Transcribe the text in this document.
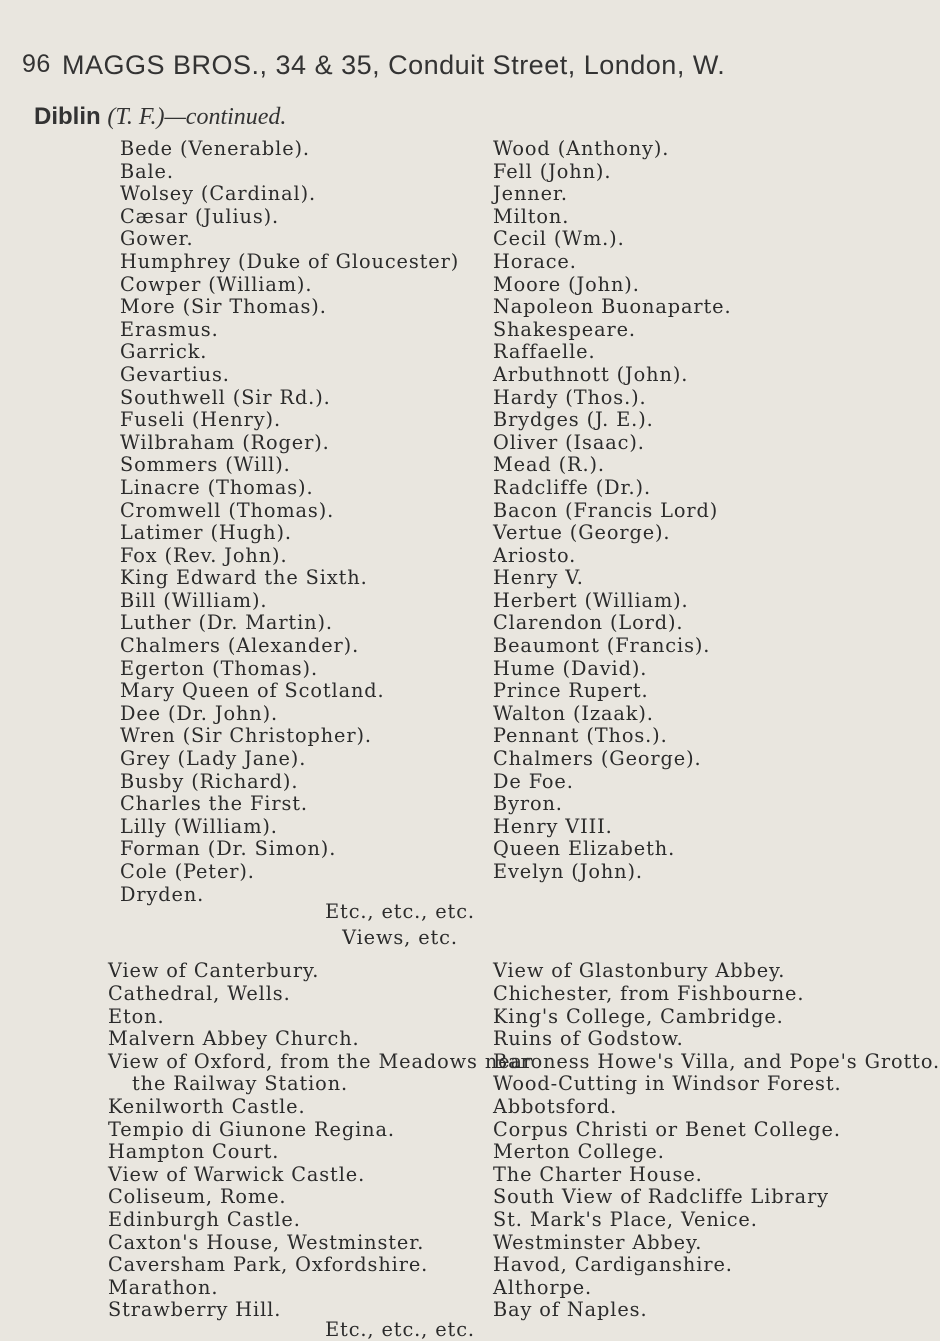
96 MAGGS BROS., 34 & 35, Conduit Street, London, W.
Diblin (T. F.)—continued.
Bede (Venerable).
Bale.
Wolsey (Cardinal).
Cæsar (Julius).
Gower.
Humphrey (Duke of Gloucester)
Cowper (William).
More (Sir Thomas).
Erasmus.
Garrick.
Gevartius.
Southwell (Sir Rd.).
Fuseli (Henry).
Wilbraham (Roger).
Sommers (Will).
Linacre (Thomas).
Cromwell (Thomas).
Latimer (Hugh).
Fox (Rev. John).
King Edward the Sixth.
Bill (William).
Luther (Dr. Martin).
Chalmers (Alexander).
Egerton (Thomas).
Mary Queen of Scotland.
Dee (Dr. John).
Wren (Sir Christopher).
Grey (Lady Jane).
Busby (Richard).
Charles the First.
Lilly (William).
Forman (Dr. Simon).
Cole (Peter).
Dryden.
Wood (Anthony).
Fell (John).
Jenner.
Milton.
Cecil (Wm.).
Horace.
Moore (John).
Napoleon Buonaparte.
Shakespeare.
Raffaelle.
Arbuthnott (John).
Hardy (Thos.).
Brydges (J. E.).
Oliver (Isaac).
Mead (R.).
Radcliffe (Dr.).
Bacon (Francis Lord)
Vertue (George).
Ariosto.
Henry V.
Herbert (William).
Clarendon (Lord).
Beaumont (Francis).
Hume (David).
Prince Rupert.
Walton (Izaak).
Pennant (Thos.).
Chalmers (George).
De Foe.
Byron.
Henry VIII.
Queen Elizabeth.
Evelyn (John).
Etc., etc., etc.
Views, etc.
View of Canterbury.
Cathedral, Wells.
Eton.
Malvern Abbey Church.
View of Oxford, from the Meadows near
the Railway Station.
Kenilworth Castle.
Tempio di Giunone Regina.
Hampton Court.
View of Warwick Castle.
Coliseum, Rome.
Edinburgh Castle.
Caxton's House, Westminster.
Caversham Park, Oxfordshire.
Marathon.
Strawberry Hill.
View of Glastonbury Abbey.
Chichester, from Fishbourne.
King's College, Cambridge.
Ruins of Godstow.
Baroness Howe's Villa, and Pope's Grotto.
Wood-Cutting in Windsor Forest.
Abbotsford.
Corpus Christi or Benet College.
Merton College.
The Charter House.
South View of Radcliffe Library
St. Mark's Place, Venice.
Westminster Abbey.
Havod, Cardiganshire.
Althorpe.
Bay of Naples.
Etc., etc., etc.
